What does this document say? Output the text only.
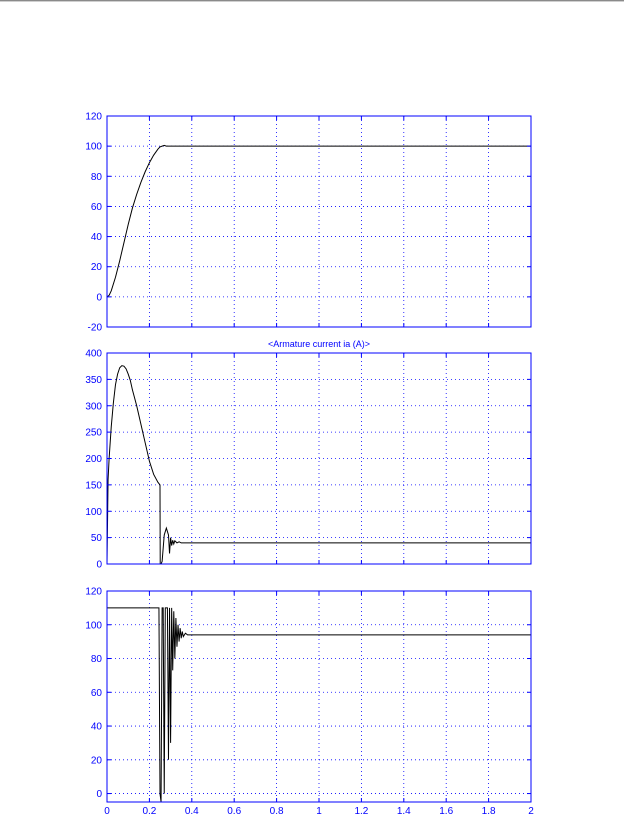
-20
0
20
40
60
80
100
120
0
50
100
150
200
250
300
350
400
<Armature current ia (A)>
0
20
40
60
80
100
120
0	0.2	0.4	0.6	0.8	1	1.2	1.4	1.6	1.8	2
